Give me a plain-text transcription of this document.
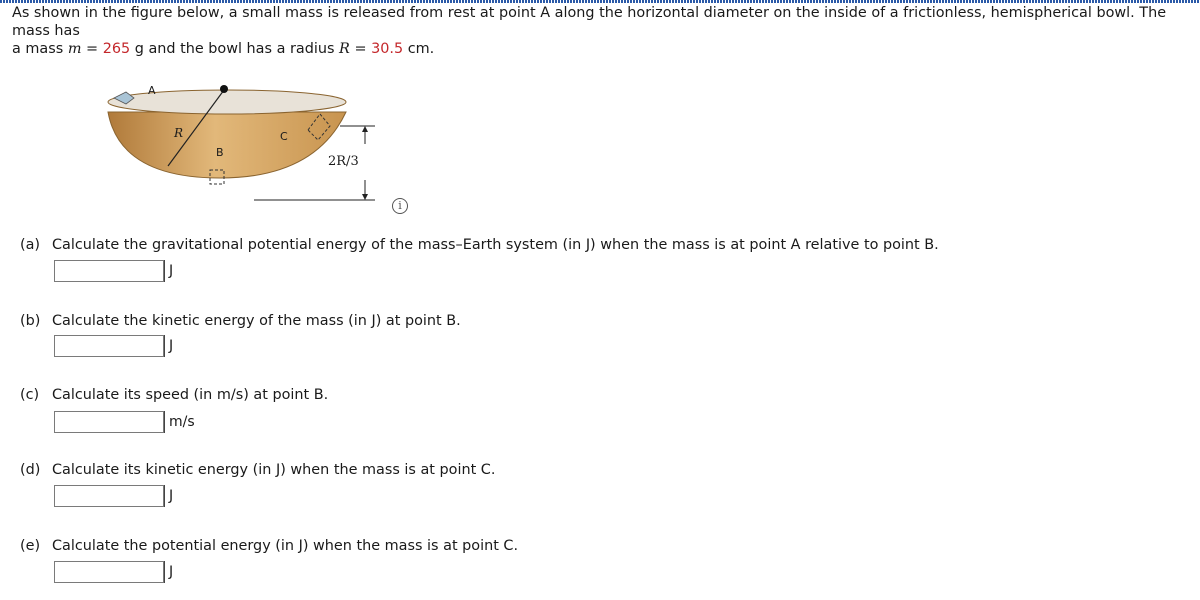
As shown in the figure below, a small mass is released from rest at point A along the horizontal diameter on the inside of a frictionless, hemispherical bowl. The mass has
a mass m = 265 g and the bowl has a radius R = 30.5 cm.
A
R
B
C
2R/3
i
(a) Calculate the gravitational potential energy of the mass–Earth system (in J) when the mass is at point A relative to point B.
J
(b) Calculate the kinetic energy of the mass (in J) at point B.
J
(c) Calculate its speed (in m/s) at point B.
m/s
(d) Calculate its kinetic energy (in J) when the mass is at point C.
J
(e) Calculate the potential energy (in J) when the mass is at point C.
J
